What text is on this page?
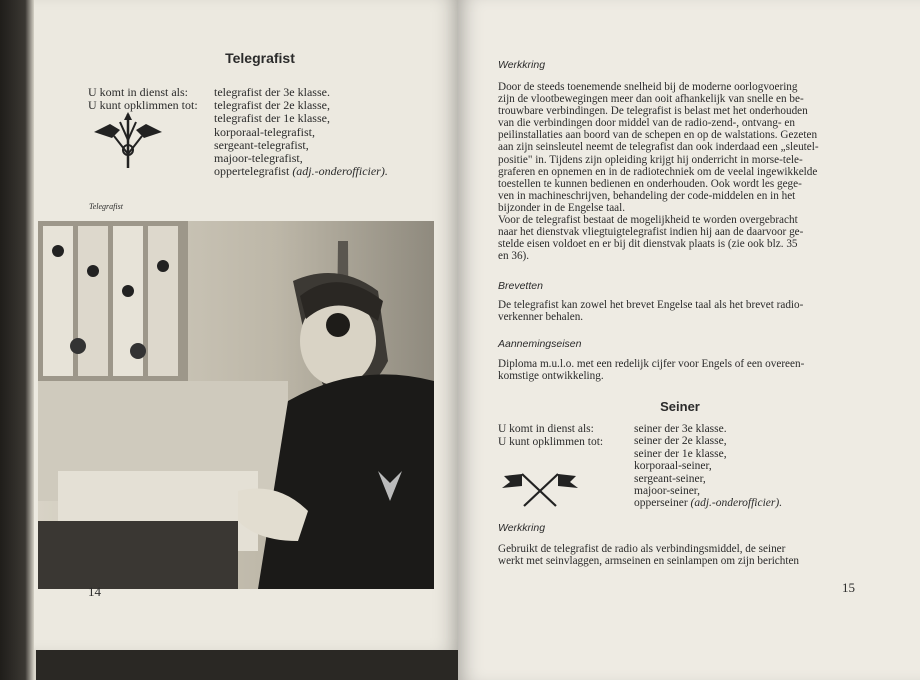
Telegrafist
U komt in dienst als:
U kunt opklimmen tot:
telegrafist der 3e klasse.
telegrafist der 2e klasse,
telegrafist der 1e klasse,
korporaal-telegrafist,
sergeant-telegrafist,
majoor-telegrafist,
oppertelegrafist (adj.-onderofficier).
Telegrafist
14
Werkkring
Door de steeds toenemende snelheid bij de moderne oorlogvoering
zijn de vlootbewegingen meer dan ooit afhankelijk van snelle en be-
trouwbare verbindingen. De telegrafist is belast met het onderhouden
van die verbindingen door middel van de radio-zend-, ontvang- en
peilinstallaties aan boord van de schepen en op de walstations. Gezeten
aan zijn seinsleutel neemt de telegrafist dan ook inderdaad een „sleutel-
positie" in. Tijdens zijn opleiding krijgt hij onderricht in morse-tele-
graferen en opnemen en in de radiotechniek om de veelal ingewikkelde
toestellen te kunnen bedienen en onderhouden. Ook wordt les gege-
ven in machineschrijven, behandeling der code-middelen en in het
bijzonder in de Engelse taal.
Voor de telegrafist bestaat de mogelijkheid te worden overgebracht
naar het dienstvak vliegtuigtelegrafist indien hij aan de daarvoor ge-
stelde eisen voldoet en er bij dit dienstvak plaats is (zie ook blz. 35
en 36).
Brevetten
De telegrafist kan zowel het brevet Engelse taal als het brevet radio-
verkenner behalen.
Aannemingseisen
Diploma m.u.l.o. met een redelijk cijfer voor Engels of een overeen-
komstige ontwikkeling.
Seiner
U komt in dienst als:
U kunt opklimmen tot:
seiner der 3e klasse.
seiner der 2e klasse,
seiner der 1e klasse,
korporaal-seiner,
sergeant-seiner,
majoor-seiner,
opperseiner (adj.-onderofficier).
Werkkring
Gebruikt de telegrafist de radio als verbindingsmiddel, de seiner
werkt met seinvlaggen, armseinen en seinlampen om zijn berichten
15
